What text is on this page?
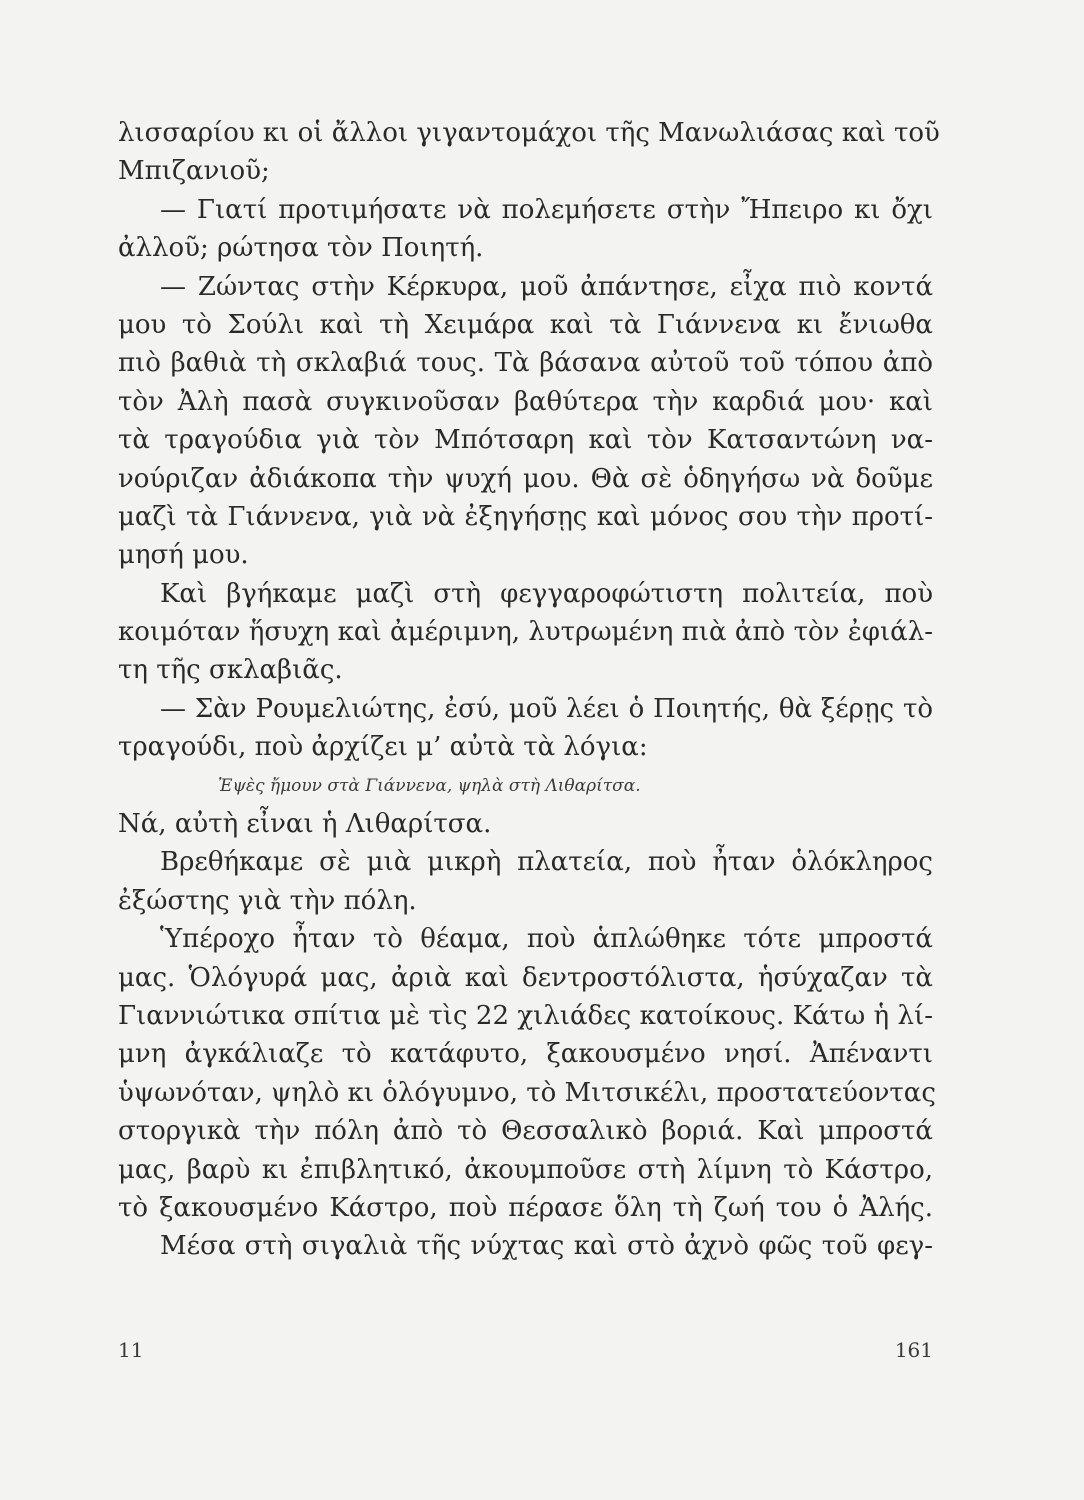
λισσαρίου κι οἱ ἄλλοι γιγαντομάχοι τῆς Μανωλιάσας καὶ τοῦ
Μπιζανιοῦ;
— Γιατί προτιμήσατε νὰ πολεμήσετε στὴν Ἤπειρο κι ὄχι
ἀλλοῦ; ρώτησα τὸν Ποιητή.
— Ζώντας στὴν Κέρκυρα, μοῦ ἀπάντησε, εἶχα πιὸ κοντά
μου τὸ Σούλι καὶ τὴ Χειμάρα καὶ τὰ Γιάννενα κι ἔνιωθα
πιὸ βαθιὰ τὴ σκλαβιά τους. Τὰ βάσανα αὐτοῦ τοῦ τόπου ἀπὸ
τὸν Ἀλὴ πασὰ συγκινοῦσαν βαθύτερα τὴν καρδιά μου· καὶ
τὰ τραγούδια γιὰ τὸν Μπότσαρη καὶ τὸν Κατσαντώνη να-
νούριζαν ἀδιάκοπα τὴν ψυχή μου. Θὰ σὲ ὁδηγήσω νὰ δοῦμε
μαζὶ τὰ Γιάννενα, γιὰ νὰ ἐξηγήσῃς καὶ μόνος σου τὴν προτί-
μησή μου.
Καὶ βγήκαμε μαζὶ στὴ φεγγαροφώτιστη πολιτεία, ποὺ
κοιμόταν ἥσυχη καὶ ἀμέριμνη, λυτρωμένη πιὰ ἀπὸ τὸν ἐφιάλ-
τη τῆς σκλαβιᾶς.
— Σὰν Ρουμελιώτης, ἐσύ, μοῦ λέει ὁ Ποιητής, θὰ ξέρῃς τὸ
τραγούδι, ποὺ ἀρχίζει μ’ αὐτὰ τὰ λόγια:
Ἐψὲς ἤμουν στὰ Γιάννενα, ψηλὰ στὴ Λιθαρίτσα.
Νά, αὐτὴ εἶναι ἡ Λιθαρίτσα.
Βρεθήκαμε σὲ μιὰ μικρὴ πλατεία, ποὺ ἦταν ὁλόκληρος
ἐξώστης γιὰ τὴν πόλη.
Ὑπέροχο ἦταν τὸ θέαμα, ποὺ ἁπλώθηκε τότε μπροστά
μας. Ὁλόγυρά μας, ἀριὰ καὶ δεντροστόλιστα, ἡσύχαζαν τὰ
Γιαννιώτικα σπίτια μὲ τὶς 22 χιλιάδες κατοίκους. Κάτω ἡ λί-
μνη ἀγκάλιαζε τὸ κατάφυτο, ξακουσμένο νησί. Ἀπέναντι
ὑψωνόταν, ψηλὸ κι ὁλόγυμνο, τὸ Μιτσικέλι, προστατεύοντας
στοργικὰ τὴν πόλη ἀπὸ τὸ Θεσσαλικὸ βοριά. Καὶ μπροστά
μας, βαρὺ κι ἐπιβλητικό, ἀκουμποῦσε στὴ λίμνη τὸ Κάστρο,
τὸ ξακουσμένο Κάστρο, ποὺ πέρασε ὅλη τὴ ζωή του ὁ Ἀλής.
Μέσα στὴ σιγαλιὰ τῆς νύχτας καὶ στὸ ἀχνὸ φῶς τοῦ φεγ-
11	161
